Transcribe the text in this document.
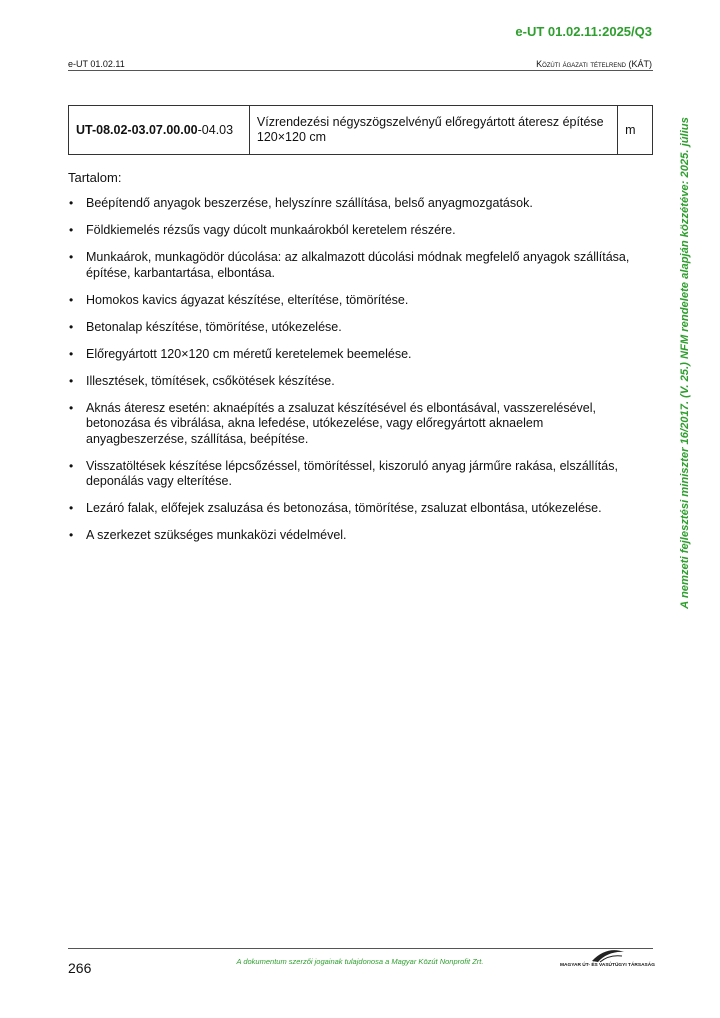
e-UT 01.02.11:2025/Q3
e-UT 01.02.11	Közúti ágazati tételrend (KÁT)
A nemzeti fejlesztési miniszter 16/2017. (V. 25.) NFM rendelete alapján közzétéve: 2025. július
UT-08.02-03.07.00.00-04.03	Vízrendezési négyszögszelvényű előregyártott áteresz építése 120×120 cm	m
Tartalom:
• Beépítendő anyagok beszerzése, helyszínre szállítása, belső anyagmozgatások.
• Földkiemelés rézsűs vagy dúcolt munkaárokból keretelem részére.
• Munkaárok, munkagödör dúcolása: az alkalmazott dúcolási módnak megfelelő anyagok szállítása, építése, karbantartása, elbontása.
• Homokos kavics ágyazat készítése, elterítése, tömörítése.
• Betonalap készítése, tömörítése, utókezelése.
• Előregyártott 120×120 cm méretű keretelemek beemelése.
• Illesztések, tömítések, csőkötések készítése.
• Aknás áteresz esetén: aknaépítés a zsaluzat készítésével és elbontásával, vasszerelésével, betonozása és vibrálása, akna lefedése, utókezelése, vagy előregyártott aknaelem anyagbeszerzése, szállítása, beépítése.
• Visszatöltések készítése lépcsőzéssel, tömörítéssel, kiszoruló anyag járműre rakása, elszállítás, deponálás vagy elterítése.
• Lezáró falak, előfejek zsaluzása és betonozása, tömörítése, zsaluzat elbontása, utókezelése.
• A szerkezet szükséges munkaközi védelmével.
266	A dokumentum szerzői jogainak tulajdonosa a Magyar Közút Nonprofit Zrt.	MAGYAR ÚT- ÉS VASÚTÜGYI TÁRSASÁG
